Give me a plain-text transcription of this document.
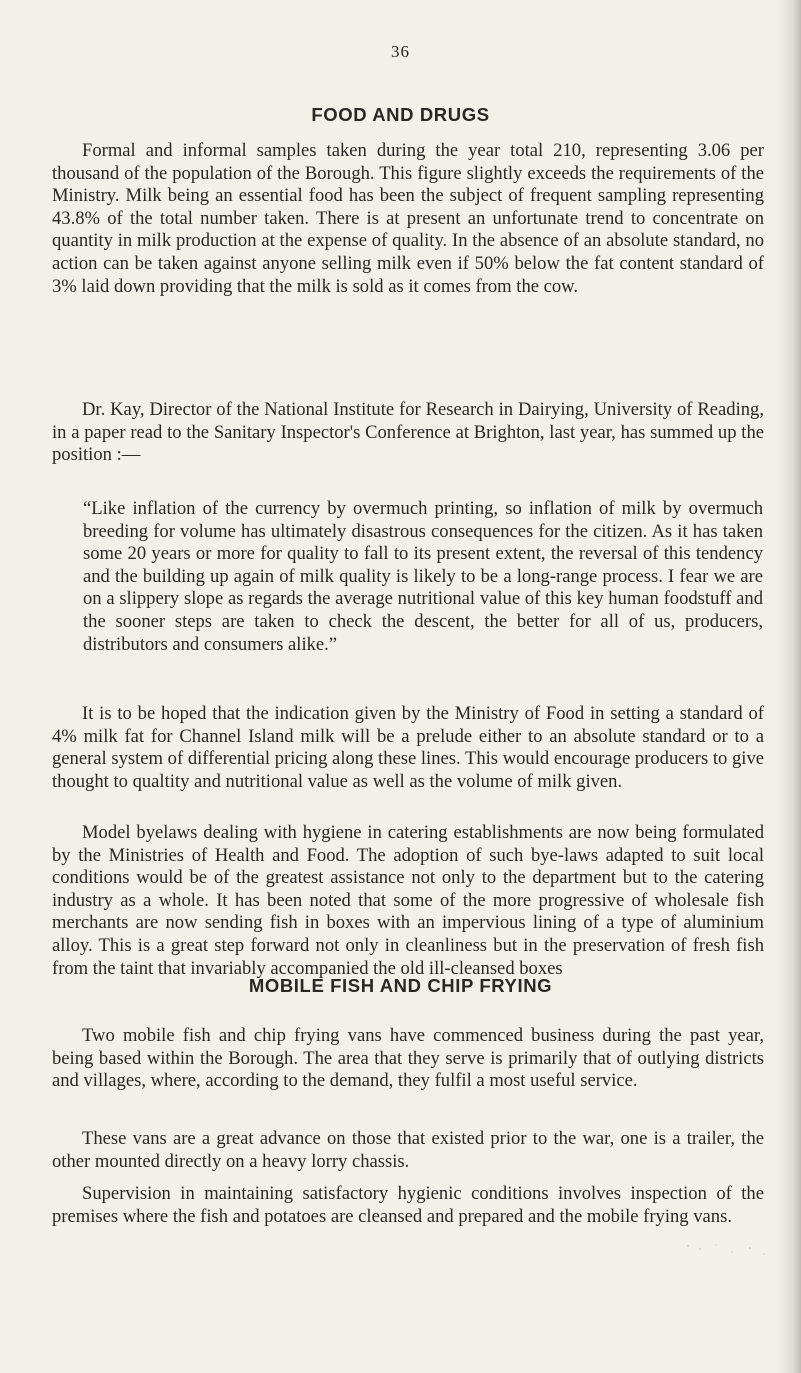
36
FOOD AND DRUGS

Formal and informal samples taken during the year total 210, representing 3.06 per thousand of the population of the Borough. This figure slightly exceeds the requirements of the Ministry. Milk being an essential food has been the subject of frequent sampling representing 43.8% of the total number taken. There is at present an unfortunate trend to concentrate on quantity in milk production at the expense of quality. In the absence of an absolute standard, no action can be taken against anyone selling milk even if 50% below the fat content standard of 3% laid down providing that the milk is sold as it comes from the cow.

Dr. Kay, Director of the National Institute for Research in Dairying, University of Reading, in a paper read to the Sanitary Inspector's Conference at Brighton, last year, has summed up the position :—

“Like inflation of the currency by overmuch printing, so inflation of milk by overmuch breeding for volume has ultimately disastrous consequences for the citizen. As it has taken some 20 years or more for quality to fall to its present extent, the reversal of this tendency and the building up again of milk quality is likely to be a long-range process. I fear we are on a slippery slope as regards the average nutritional value of this key human foodstuff and the sooner steps are taken to check the descent, the better for all of us, producers, distributors and consumers alike.”

It is to be hoped that the indication given by the Ministry of Food in setting a standard of 4% milk fat for Channel Island milk will be a prelude either to an absolute standard or to a general system of differential pricing along these lines. This would encourage producers to give thought to qualtity and nutritional value as well as the volume of milk given.

Model byelaws dealing with hygiene in catering establishments are now being formulated by the Ministries of Health and Food. The adoption of such bye-laws adapted to suit local conditions would be of the greatest assistance not only to the department but to the catering industry as a whole. It has been noted that some of the more progressive of wholesale fish merchants are now sending fish in boxes with an impervious lining of a type of aluminium alloy. This is a great step forward not only in cleanliness but in the preservation of fresh fish from the taint that invariably accompanied the old ill-cleansed boxes

MOBILE FISH AND CHIP FRYING

Two mobile fish and chip frying vans have commenced business during the past year, being based within the Borough. The area that they serve is primarily that of outlying districts and villages, where, according to the demand, they fulfil a most useful service.

These vans are a great advance on those that existed prior to the war, one is a trailer, the other mounted directly on a heavy lorry chassis.

Supervision in maintaining satisfactory hygienic conditions involves inspection of the premises where the fish and potatoes are cleansed and prepared and the mobile frying vans.
